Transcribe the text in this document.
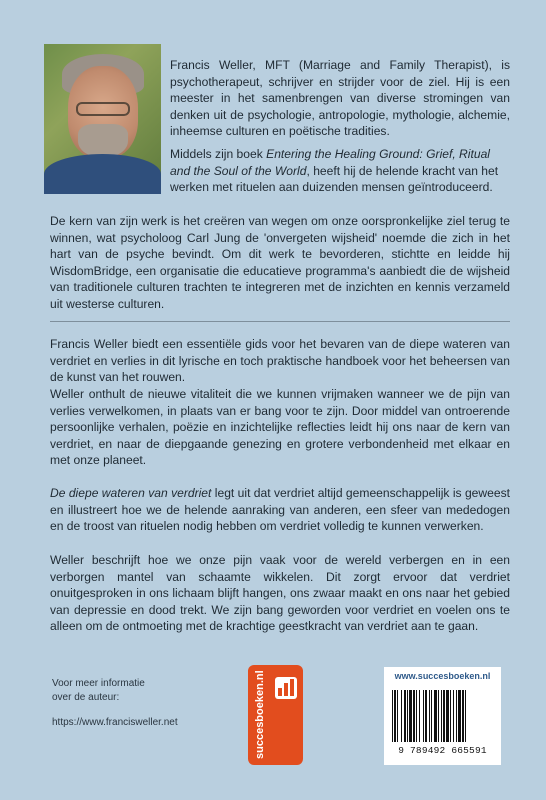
Francis Weller, MFT (Marriage and Family Therapist), is psychotherapeut, schrijver en strijder voor de ziel. Hij is een meester in het samenbrengen van diverse stromingen van denken uit de psychologie, antropologie, mythologie, alchemie, inheemse culturen en poëtische tradities.

Middels zijn boek Entering the Healing Ground: Grief, Ritual and the Soul of the World, heeft hij de helende kracht van het werken met rituelen aan duizenden mensen geïntroduceerd.

De kern van zijn werk is het creëren van wegen om onze oorspronkelijke ziel terug te winnen, wat psycholoog Carl Jung de 'onvergeten wijsheid' noemde die zich in het hart van de psyche bevindt. Om dit werk te bevorderen, stichtte en leidde hij WisdomBridge, een organisatie die educatieve programma's aanbiedt die de wijsheid van traditionele culturen trachten te integreren met de inzichten en kennis verzameld uit westerse culturen.

Francis Weller biedt een essentiële gids voor het bevaren van de diepe wateren van verdriet en verlies in dit lyrische en toch praktische handboek voor het beheersen van de kunst van het rouwen.

Weller onthult de nieuwe vitaliteit die we kunnen vrijmaken wanneer we de pijn van verlies verwelkomen, in plaats van er bang voor te zijn. Door middel van ontroerende persoonlijke verhalen, poëzie en inzichtelijke reflecties leidt hij ons naar de kern van verdriet, en naar de diepgaande genezing en grotere verbondenheid met elkaar en met onze planeet.

De diepe wateren van verdriet legt uit dat verdriet altijd gemeenschappelijk is geweest en illustreert hoe we de helende aanraking van anderen, een sfeer van mededogen en de troost van rituelen nodig hebben om verdriet volledig te kunnen verwerken.

Weller beschrijft hoe we onze pijn vaak voor de wereld verbergen en in een verborgen mantel van schaamte wikkelen. Dit zorgt ervoor dat verdriet onuitgesproken in ons lichaam blijft hangen, ons zwaar maakt en ons naar het gebied van depressie en dood trekt. We zijn bang geworden voor verdriet en voelen ons te alleen om de ontmoeting met de krachtige geestkracht van verdriet aan te gaan.

Voor meer informatie
over de auteur:
https://www.francisweller.net	succesboeken.nl	www.succesboeken.nl
9 789492 665591
